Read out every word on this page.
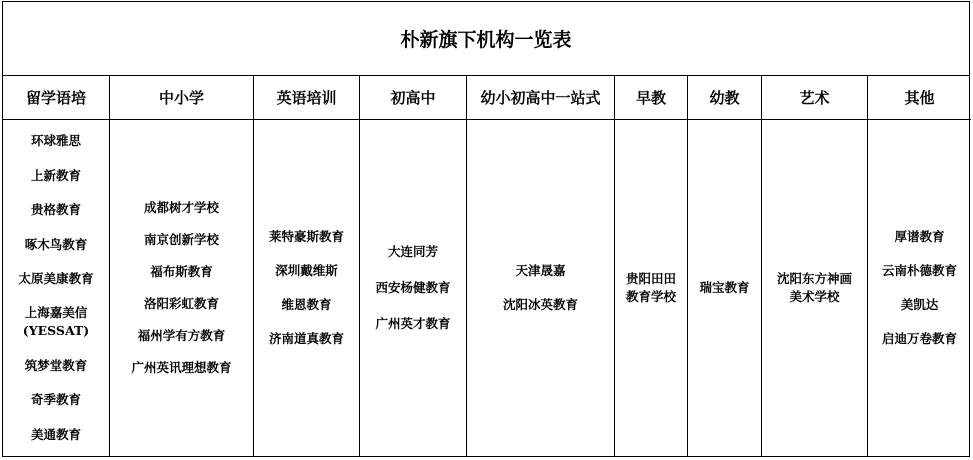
朴新旗下机构一览表
留学语培
环球雅思
上新教育
贵格教育
啄木鸟教育
太原美康教育
上海嘉美信
(YESSAT)
筑梦堂教育
奇季教育
美通教育
中小学
成都树才学校
南京创新学校
福布斯教育
洛阳彩虹教育
福州学有方教育
广州英讯理想教育
英语培训
莱特豪斯教育
深圳戴维斯
维恩教育
济南道真教育
初高中
大连同芳
西安杨健教育
广州英才教育
幼小初高中一站式
天津晟嘉
沈阳冰英教育
早教
贵阳田田
教育学校
幼教
瑞宝教育
艺术
沈阳东方神画
美术学校
其他
厚谱教育
云南朴德教育
美凯达
启迪万卷教育
